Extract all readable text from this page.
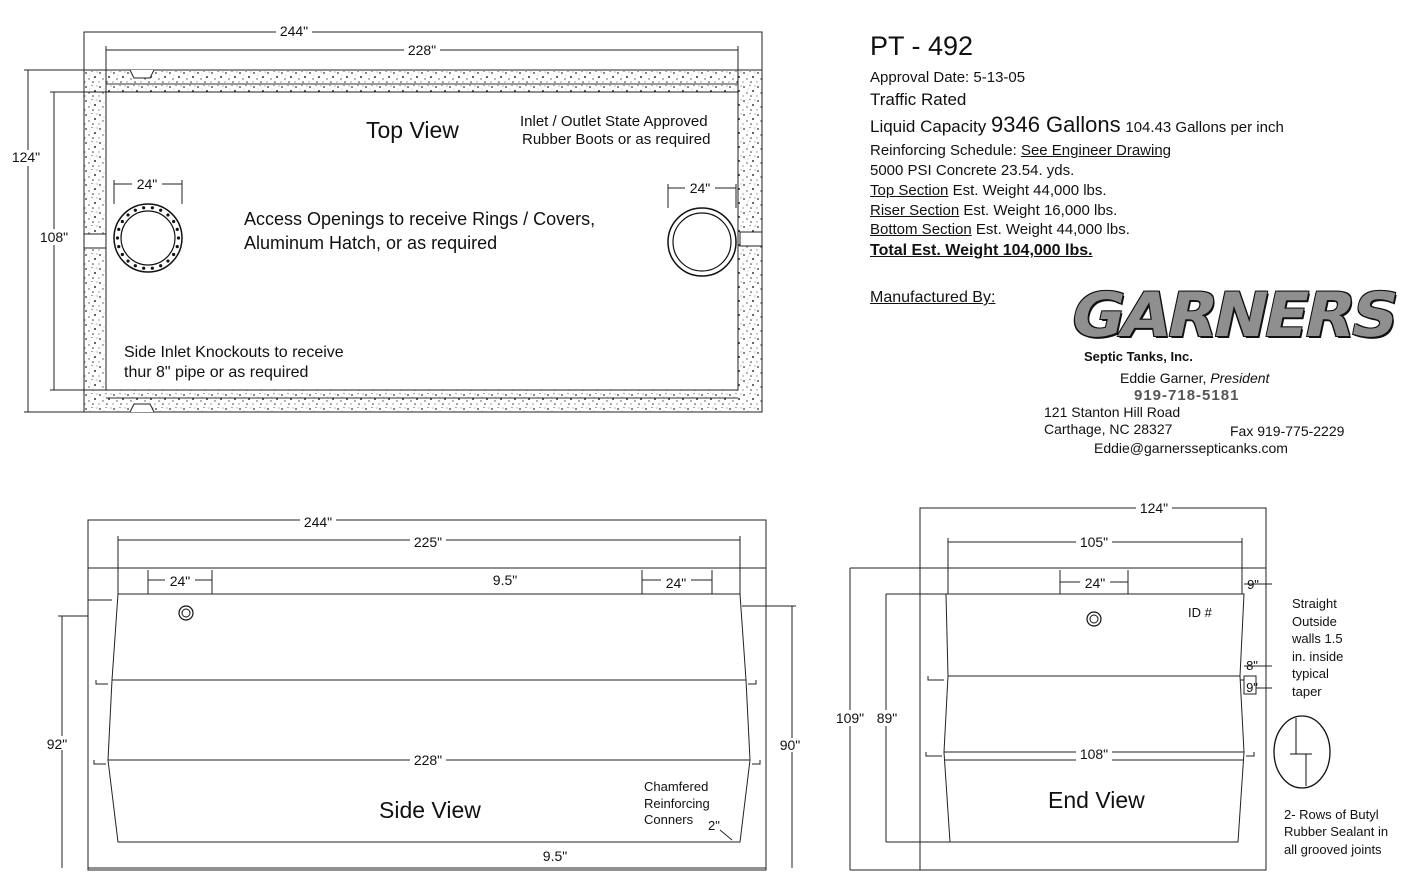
244"
228"
124"
108"
24"	24"
Top View	Inlet / Outlet State Approved
Rubber Boots or as required
Access Openings to receive Rings / Covers,
Aluminum Hatch, or as required
Side Inlet Knockouts to receive
thur 8" pipe or as required
244"
225"
24"	9.5"	24"
228"
92"	90"
9.5"
Side View
Chamfered
Reinforcing
Conners 2"
124"
105"
24"	9"
8"
9"
108"
109" 89"
ID #
End View
Straight
Outside
walls 1.5
in. inside
typical
taper
2- Rows of Butyl
Rubber Sealant in
all grooved joints
PT - 492
Approval Date: 5-13-05
Traffic Rated
Liquid Capacity 9346 Gallons 104.43 Gallons per inch
Reinforcing Schedule: See Engineer Drawing
5000 PSI Concrete 23.54. yds.
Top Section Est. Weight 44,000 lbs.
Riser Section Est. Weight 16,000 lbs.
Bottom Section Est. Weight 44,000 lbs.
Total Est. Weight 104,000 lbs.
Manufactured By: GARNERS
Septic Tanks, Inc.
Eddie Garner, President
919-718-5181
121 Stanton Hill Road
Carthage, NC 28327	Fax 919-775-2229
Eddie@garnerssepticanks.com
